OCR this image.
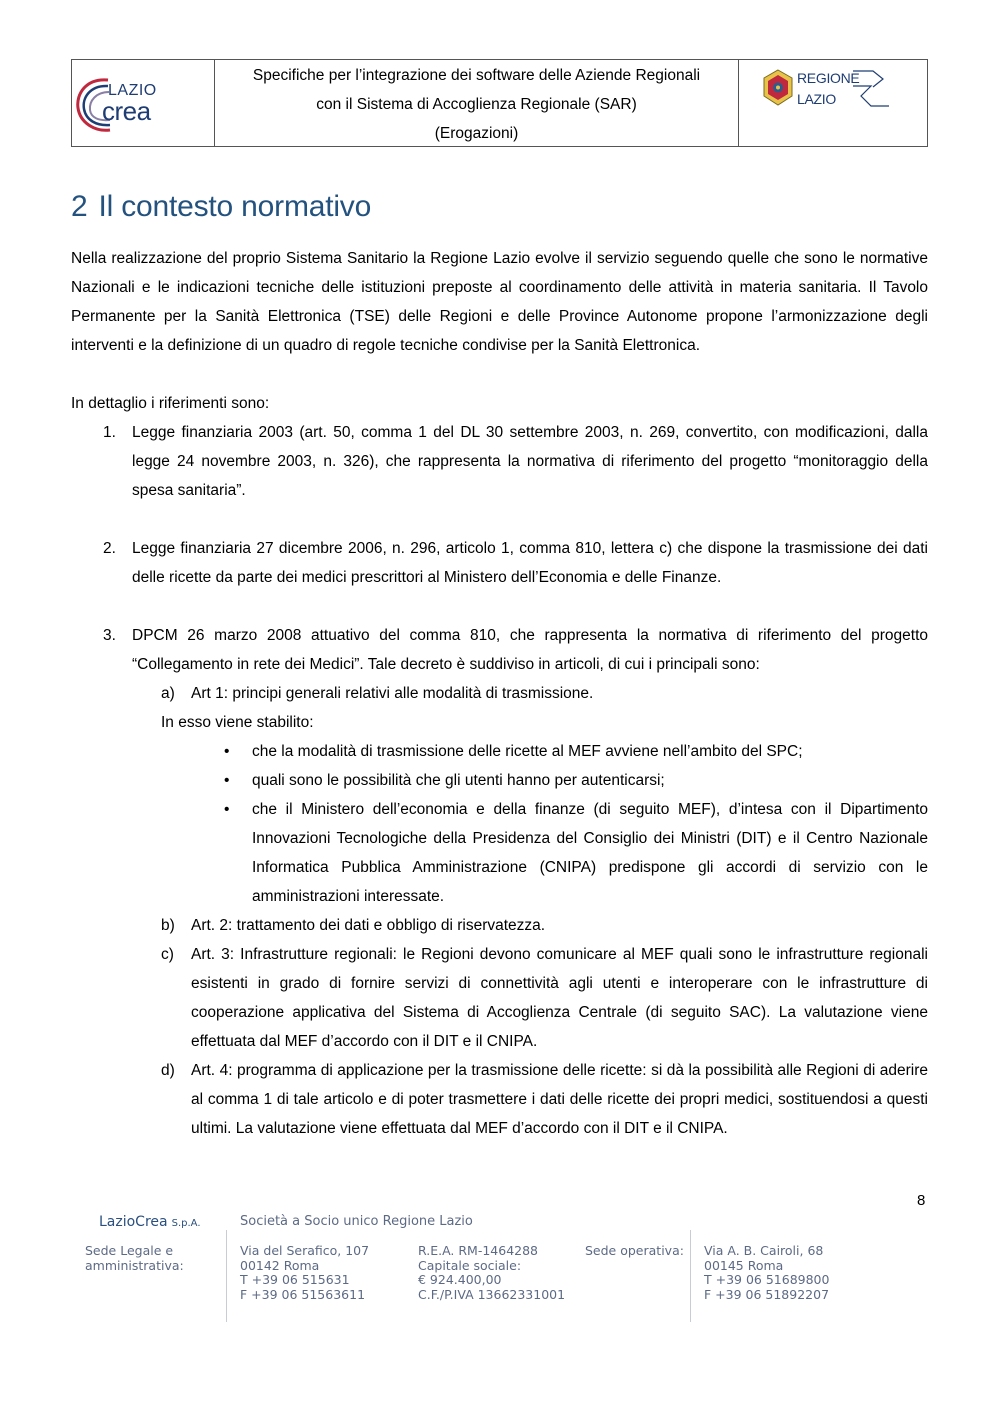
LAZIO
crea
Specifiche per l’integrazione dei software delle Aziende Regionali
con il Sistema di Accoglienza Regionale (SAR)
(Erogazioni)
REGIONE
LAZIO
2 Il contesto normativo

Nella realizzazione del proprio Sistema Sanitario la Regione Lazio evolve il servizio seguendo quelle che sono le normative Nazionali e le indicazioni tecniche delle istituzioni preposte al coordinamento delle attività in materia sanitaria. Il Tavolo Permanente per la Sanità Elettronica (TSE) delle Regioni e delle Province Autonome propone l’armonizzazione degli interventi e la definizione di un quadro di regole tecniche condivise per la Sanità Elettronica.

In dettaglio i riferimenti sono:

1. Legge finanziaria 2003 (art. 50, comma 1 del DL 30 settembre 2003, n. 269, convertito, con modificazioni, dalla legge 24 novembre 2003, n. 326), che rappresenta la normativa di riferimento del progetto “monitoraggio della spesa sanitaria”.
2. Legge finanziaria 27 dicembre 2006, n. 296, articolo 1, comma 810, lettera c) che dispone la trasmissione dei dati delle ricette da parte dei medici prescrittori al Ministero dell’Economia e delle Finanze.
3. DPCM 26 marzo 2008 attuativo del comma 810, che rappresenta la normativa di riferimento del progetto “Collegamento in rete dei Medici”. Tale decreto è suddiviso in articoli, di cui i principali sono:
a) Art 1: principi generali relativi alle modalità di trasmissione.
In esso viene stabilito:
• che la modalità di trasmissione delle ricette al MEF avviene nell’ambito del SPC;
• quali sono le possibilità che gli utenti hanno per autenticarsi;
• che il Ministero dell’economia e della finanze (di seguito MEF), d’intesa con il Dipartimento Innovazioni Tecnologiche della Presidenza del Consiglio dei Ministri (DIT) e il Centro Nazionale Informatica Pubblica Amministrazione (CNIPA) predispone gli accordi di servizio con le amministrazioni interessate.
b) Art. 2: trattamento dei dati e obbligo di riservatezza.
c) Art. 3: Infrastrutture regionali: le Regioni devono comunicare al MEF quali sono le infrastrutture regionali esistenti in grado di fornire servizi di connettività agli utenti e interoperare con le infrastrutture di cooperazione applicativa del Sistema di Accoglienza Centrale (di seguito SAC). La valutazione viene effettuata dal MEF d’accordo con il DIT e il CNIPA.
d) Art. 4: programma di applicazione per la trasmissione delle ricette: si dà la possibilità alle Regioni di aderire al comma 1 di tale articolo e di poter trasmettere i dati delle ricette dei propri medici, sostituendosi a questi ultimi. La valutazione viene effettuata dal MEF d’accordo con il DIT e il CNIPA.
8
LazioCrea S.p.A.	Società a Socio unico Regione Lazio
Sede Legale e
amministrativa:
Via del Serafico, 107
00142 Roma
T +39 06 515631
F +39 06 51563611
R.E.A. RM-1464288
Capitale sociale:
€ 924.400,00
C.F./P.IVA 13662331001
Sede operativa: Via A. B. Cairoli, 68
00145 Roma
T +39 06 51689800
F +39 06 51892207
